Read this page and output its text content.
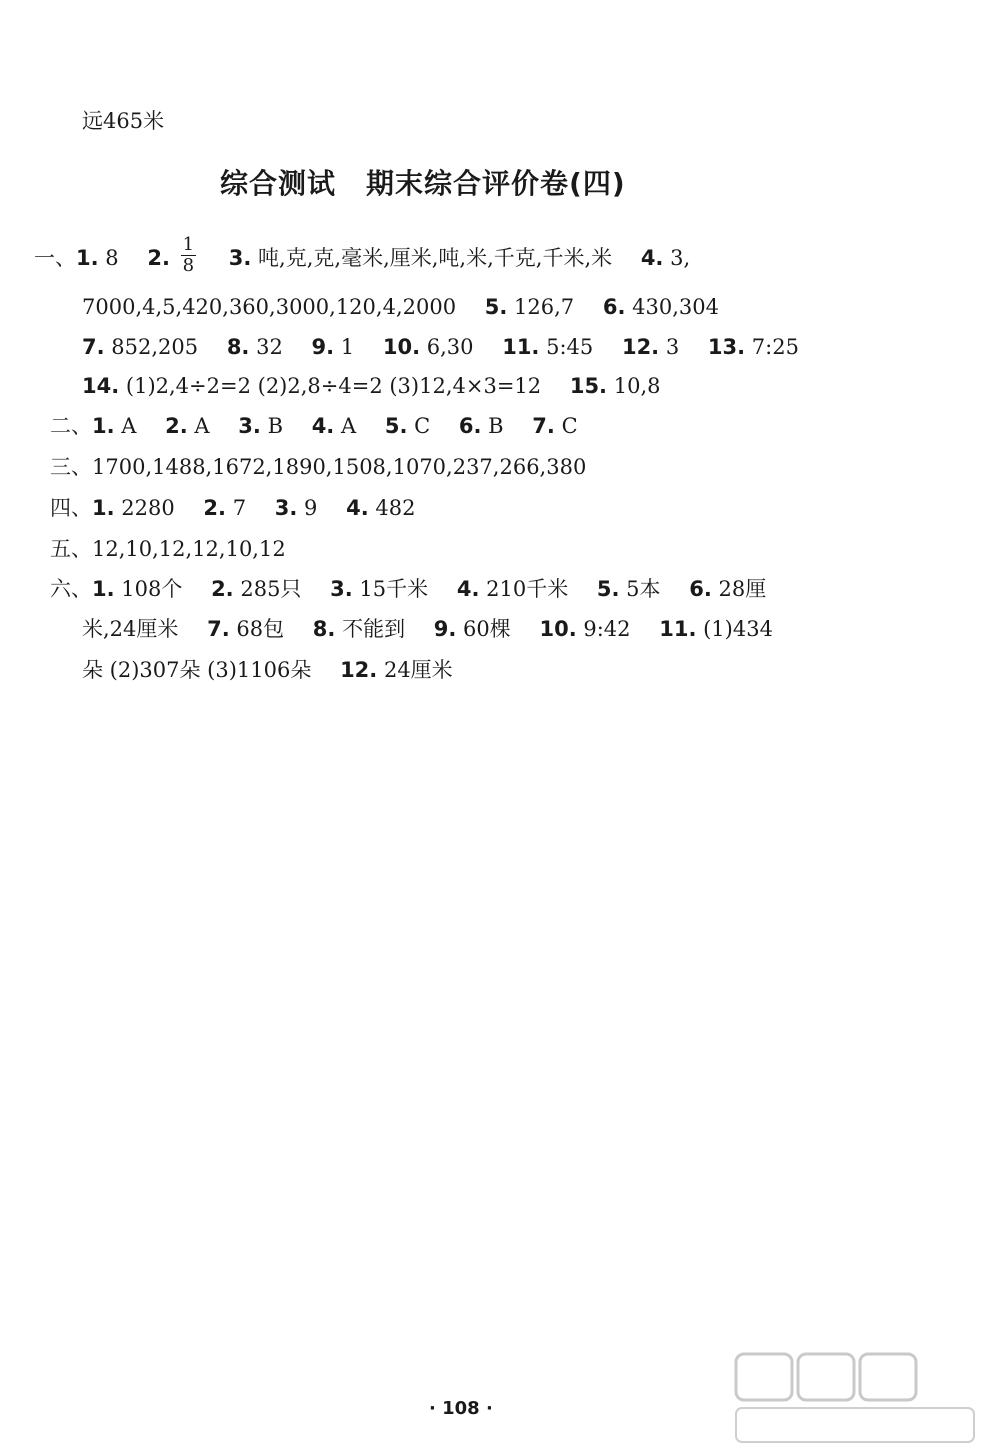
远465米
综合测试 期末综合评价卷(四)
一、1. 8 2. $\frac{1}{8} 3$. 吨,克,克,毫米,厘米,吨,米,千克,千米,米 4. 3,
7000,4,5,420,360,3000,120,4,2000 5. 126,7 6. 430,304
7. 852,205 8. 32 9. 1 10. 6,30 11. 5:45 12. 3 13. 7:25
14. (1)2,4÷2=2 (2)2,8÷4=2 (3)12,4×3=12 15. 10,8
二、1. A 2. A 3. B 4. A 5. C 6. B 7. C
三、1700,1488,1672,1890,1508,1070,237,266,380
四、1. 2280 2. 7 3. 9 4. 482
五、12,10,12,12,10,12
六、1. 108个 2. 285只 3. 15千米 4. 210千米 5. 5本 6. 28厘
米,24厘米 7. 68包 8. 不能到 9. 60棵 10. 9:42 11. (1)434
朵 (2)307朵 (3)1106朵 12. 24厘米
· 108 ·
